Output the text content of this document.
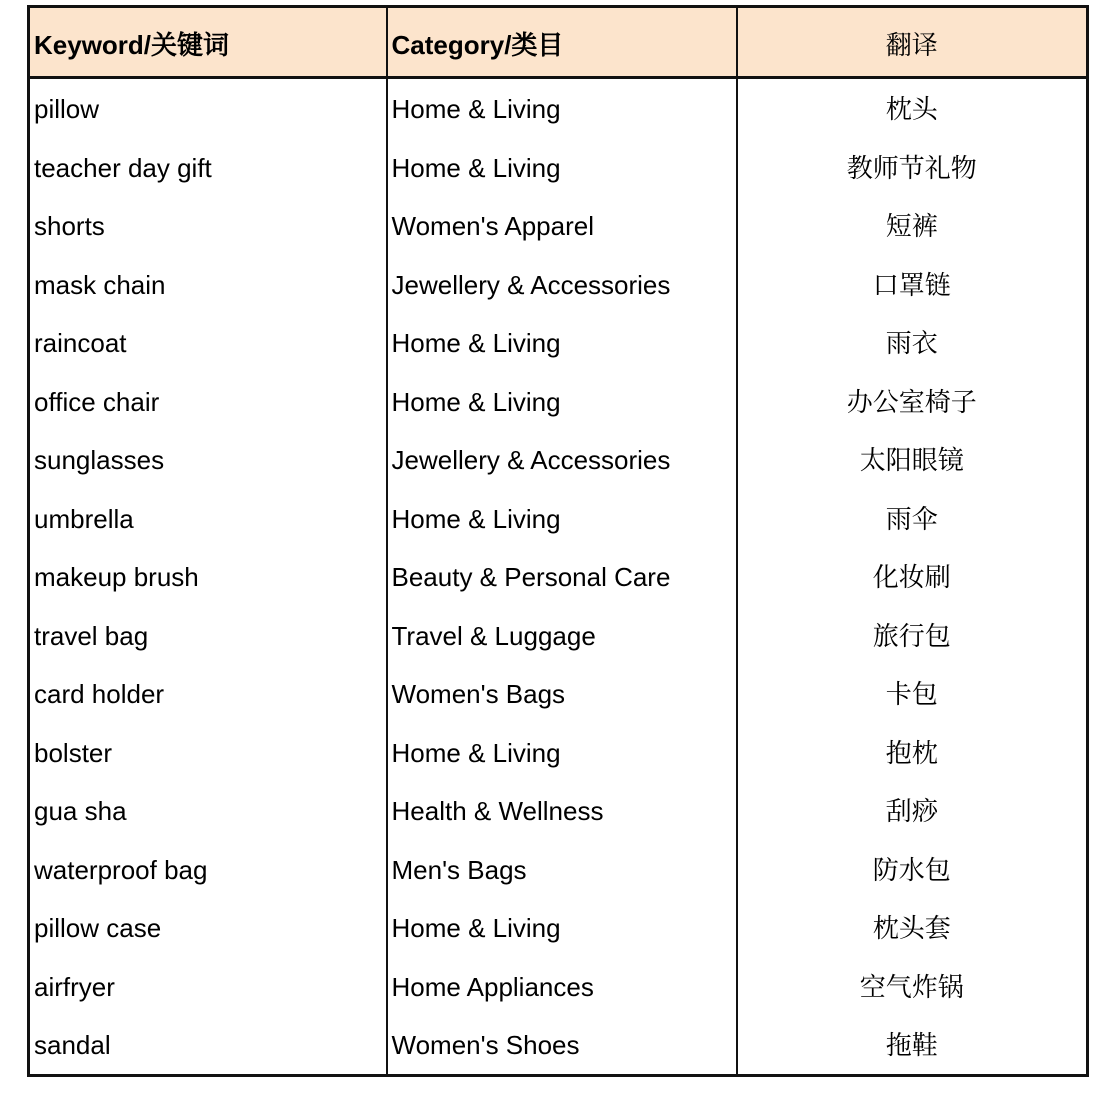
Keyword/关键词	Category/类目	翻译
pillow	Home & Living	枕头
teacher day gift	Home & Living	教师节礼物
shorts	Women's Apparel	短裤
mask chain	Jewellery & Accessories	口罩链
raincoat	Home & Living	雨衣
office chair	Home & Living	办公室椅子
sunglasses	Jewellery & Accessories	太阳眼镜
umbrella	Home & Living	雨伞
makeup brush	Beauty & Personal Care	化妆刷
travel bag	Travel & Luggage	旅行包
card holder	Women's Bags	卡包
bolster	Home & Living	抱枕
gua sha	Health & Wellness	刮痧
waterproof bag	Men's Bags	防水包
pillow case	Home & Living	枕头套
airfryer	Home Appliances	空气炸锅
sandal	Women's Shoes	拖鞋
